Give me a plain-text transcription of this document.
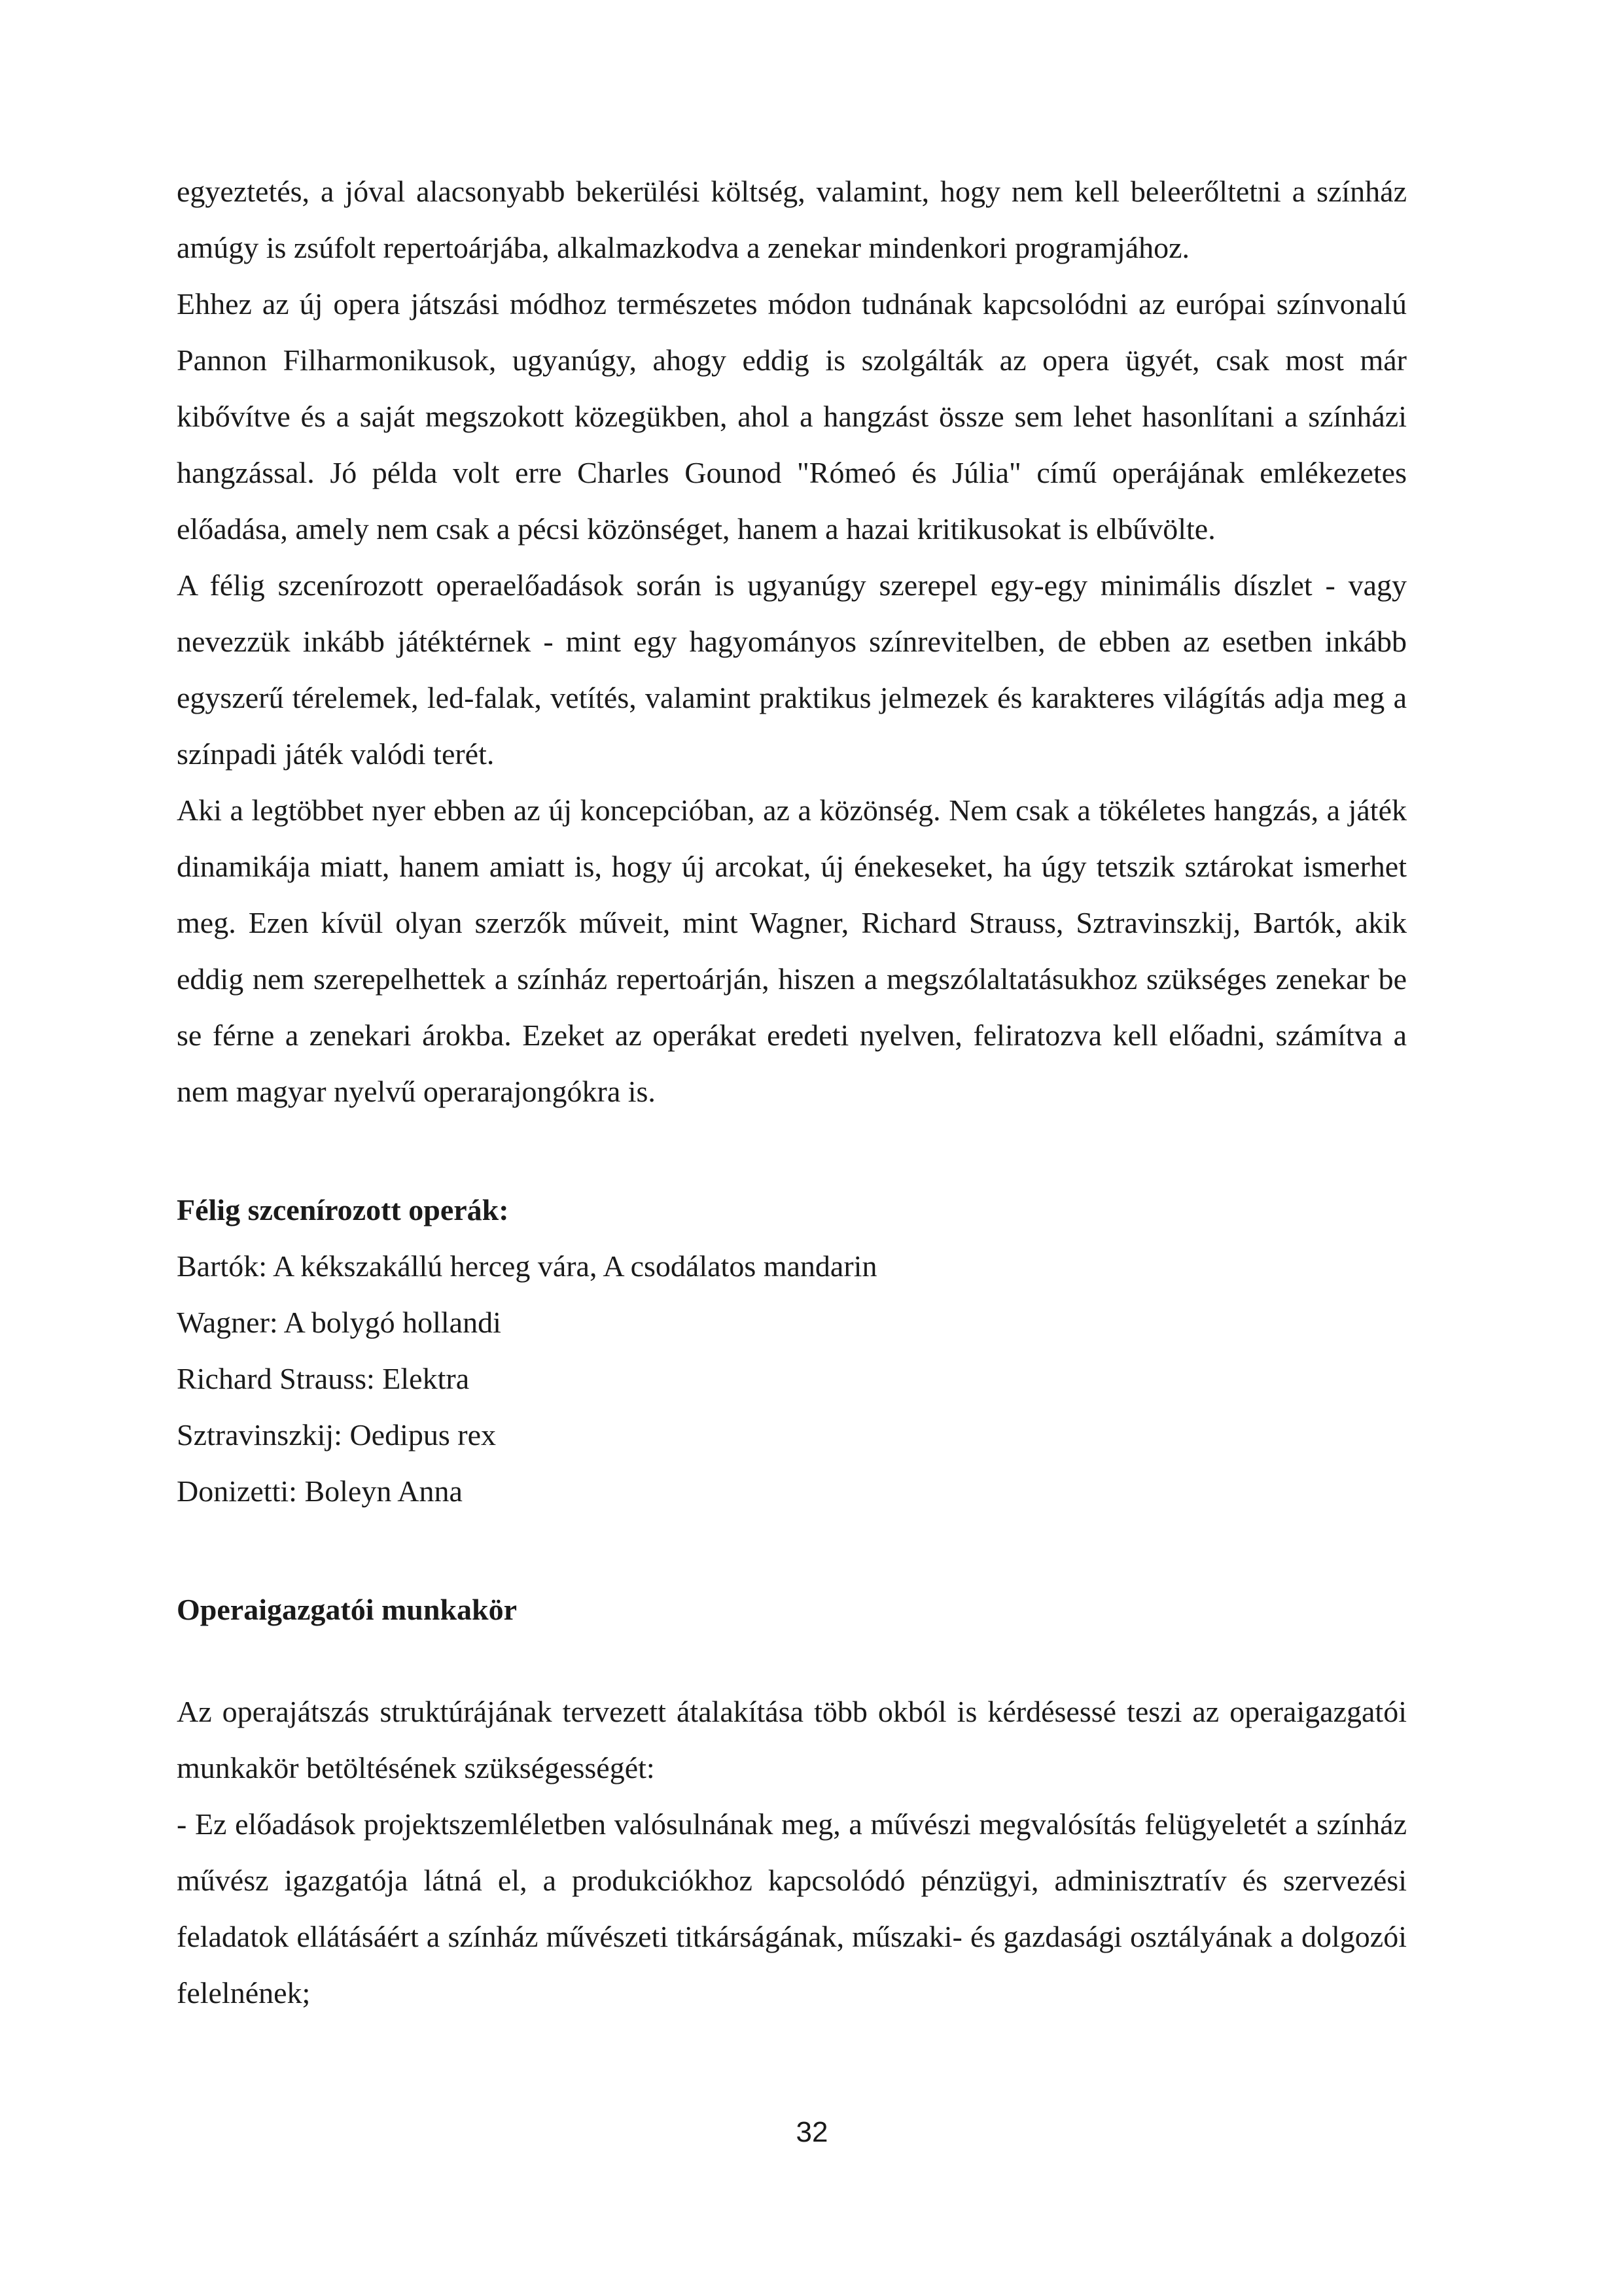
egyeztetés, a jóval alacsonyabb bekerülési költség, valamint, hogy nem kell beleerőltetni a színház amúgy is zsúfolt repertoárjába, alkalmazkodva a zenekar mindenkori programjához.

Ehhez az új opera játszási módhoz természetes módon tudnának kapcsolódni az európai színvonalú Pannon Filharmonikusok, ugyanúgy, ahogy eddig is szolgálták az opera ügyét, csak most már kibővítve és a saját megszokott közegükben, ahol a hangzást össze sem lehet hasonlítani a színházi hangzással. Jó példa volt erre Charles Gounod "Rómeó és Júlia" című operájának emlékezetes előadása, amely nem csak a pécsi közönséget, hanem a hazai kritikusokat is elbűvölte.

A félig szcenírozott operaelőadások során is ugyanúgy szerepel egy-egy minimális díszlet - vagy nevezzük inkább játéktérnek - mint egy hagyományos színrevitelben, de ebben az esetben inkább egyszerű térelemek, led-falak, vetítés, valamint praktikus jelmezek és karakteres világítás adja meg a színpadi játék valódi terét.

Aki a legtöbbet nyer ebben az új koncepcióban, az a közönség. Nem csak a tökéletes hangzás, a játék dinamikája miatt, hanem amiatt is, hogy új arcokat, új énekeseket, ha úgy tetszik sztárokat ismerhet meg. Ezen kívül olyan szerzők műveit, mint Wagner, Richard Strauss, Sztravinszkij, Bartók, akik eddig nem szerepelhettek a színház repertoárján, hiszen a megszólaltatásukhoz szükséges zenekar be se férne a zenekari árokba. Ezeket az operákat eredeti nyelven, feliratozva kell előadni, számítva a nem magyar nyelvű operarajongókra is.

Félig szcenírozott operák:
Bartók: A kékszakállú herceg vára, A csodálatos mandarin
Wagner: A bolygó hollandi
Richard Strauss: Elektra
Sztravinszkij: Oedipus rex
Donizetti: Boleyn Anna
Operaigazgatói munkakör

Az operajátszás struktúrájának tervezett átalakítása több okból is kérdésessé teszi az operaigazgatói munkakör betöltésének szükségességét:

- Ez előadások projektszemléletben valósulnának meg, a művészi megvalósítás felügyeletét a színház művész igazgatója látná el, a produkciókhoz kapcsolódó pénzügyi, adminisztratív és szervezési feladatok ellátásáért a színház művészeti titkárságának, műszaki- és gazdasági osztályának a dolgozói felelnének;

32
